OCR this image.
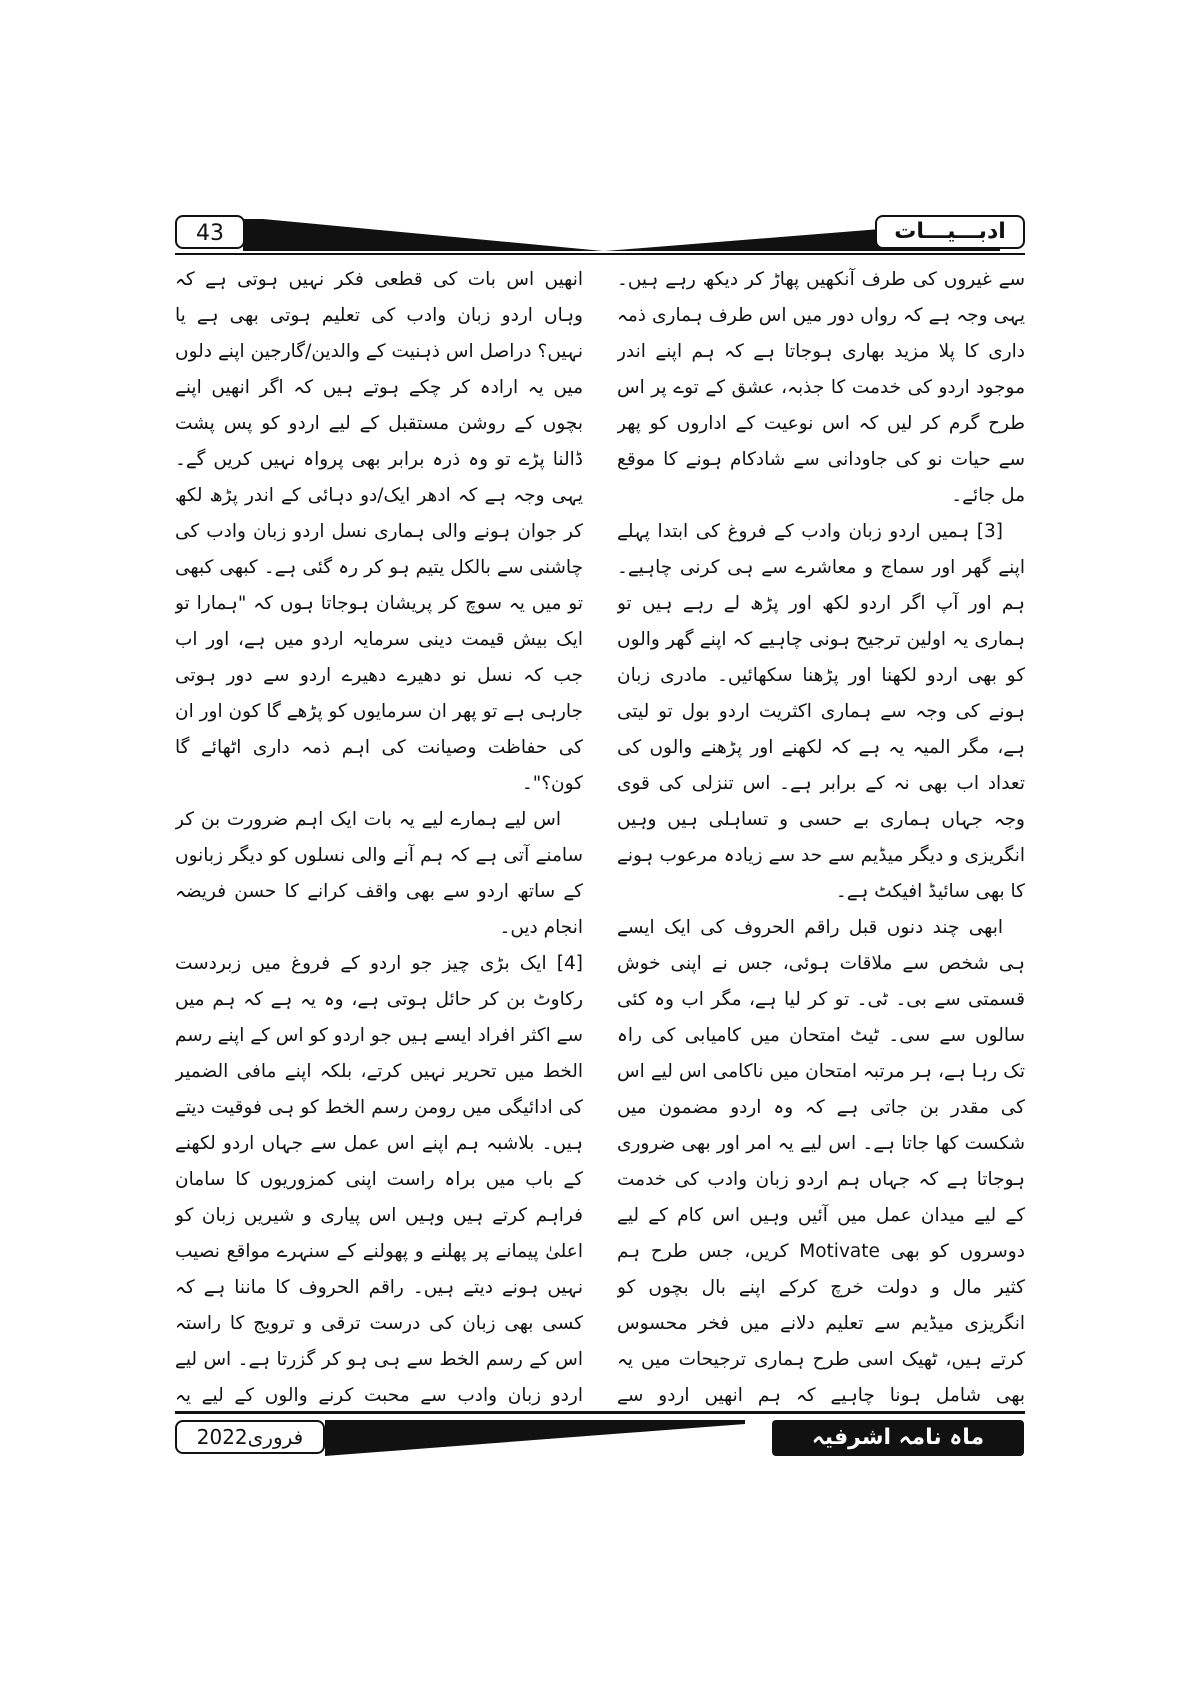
43	ادبـــیـــات

سے غیروں کی طرف آنکھیں پھاڑ کر دیکھ رہے ہیں۔ یہی وجہ ہے کہ رواں دور میں اس طرف ہماری ذمہ داری کا پلا مزید بھاری ہوجاتا ہے کہ ہم اپنے اندر موجود اردو کی خدمت کا جذبہ، عشق کے توے پر اس طرح گرم کر لیں کہ اس نوعیت کے اداروں کو پھر سے حیات نو کی جاودانی سے شادکام ہونے کا موقع مل جائے۔

[3] ہمیں اردو زبان وادب کے فروغ کی ابتدا پہلے اپنے گھر اور سماج و معاشرے سے ہی کرنی چاہیے۔ ہم اور آپ اگر اردو لکھ اور پڑھ لے رہے ہیں تو ہماری یہ اولین ترجیح ہونی چاہیے کہ اپنے گھر والوں کو بھی اردو لکھنا اور پڑھنا سکھائیں۔ مادری زبان ہونے کی وجہ سے ہماری اکثریت اردو بول تو لیتی ہے، مگر المیہ یہ ہے کہ لکھنے اور پڑھنے والوں کی تعداد اب بھی نہ کے برابر ہے۔ اس تنزلی کی قوی وجہ جہاں ہماری بے حسی و تساہلی ہیں وہیں انگریزی و دیگر میڈیم سے حد سے زیادہ مرعوب ہونے کا بھی سائیڈ افیکٹ ہے۔

ابھی چند دنوں قبل راقم الحروف کی ایک ایسے ہی شخص سے ملاقات ہوئی، جس نے اپنی خوش قسمتی سے بی۔ ٹی۔ تو کر لیا ہے، مگر اب وہ کئی سالوں سے سی۔ ٹیٹ امتحان میں کامیابی کی راہ تک رہا ہے، ہر مرتبہ امتحان میں ناکامی اس لیے اس کی مقدر بن جاتی ہے کہ وہ اردو مضمون میں شکست کھا جاتا ہے۔ اس لیے یہ امر اور بھی ضروری ہوجاتا ہے کہ جہاں ہم اردو زبان وادب کی خدمت کے لیے میدان عمل میں آئیں وہیں اس کام کے لیے دوسروں کو بھی Motivate کریں، جس طرح ہم کثیر مال و دولت خرچ کرکے اپنے بال بچوں کو انگریزی میڈیم سے تعلیم دلانے میں فخر محسوس کرتے ہیں، ٹھیک اسی طرح ہماری ترجیحات میں یہ بھی شامل ہونا چاہیے کہ ہم انھیں اردو سے

انھیں اس بات کی قطعی فکر نہیں ہوتی ہے کہ وہاں اردو زبان وادب کی تعلیم ہوتی بھی ہے یا نہیں؟ دراصل اس ذہنیت کے والدین/گارجین اپنے دلوں میں یہ ارادہ کر چکے ہوتے ہیں کہ اگر انھیں اپنے بچوں کے روشن مستقبل کے لیے اردو کو پس پشت ڈالنا پڑے تو وہ ذرہ برابر بھی پرواہ نہیں کریں گے۔ یہی وجہ ہے کہ ادھر ایک/دو دہائی کے اندر پڑھ لکھ کر جوان ہونے والی ہماری نسل اردو زبان وادب کی چاشنی سے بالکل یتیم ہو کر رہ گئی ہے۔ کبھی کبھی تو میں یہ سوچ کر پریشان ہوجاتا ہوں کہ "ہمارا تو ایک بیش قیمت دینی سرمایہ اردو میں ہے، اور اب جب کہ نسل نو دھیرے دھیرے اردو سے دور ہوتی جارہی ہے تو پھر ان سرمایوں کو پڑھے گا کون اور ان کی حفاظت وصیانت کی اہم ذمہ داری اٹھائے گا کون؟"۔

اس لیے ہمارے لیے یہ بات ایک اہم ضرورت بن کر سامنے آتی ہے کہ ہم آنے والی نسلوں کو دیگر زبانوں کے ساتھ اردو سے بھی واقف کرانے کا حسن فریضہ انجام دیں۔

[4] ایک بڑی چیز جو اردو کے فروغ میں زبردست رکاوٹ بن کر حائل ہوتی ہے، وہ یہ ہے کہ ہم میں سے اکثر افراد ایسے ہیں جو اردو کو اس کے اپنے رسم الخط میں تحریر نہیں کرتے، بلکہ اپنے مافی الضمیر کی ادائیگی میں رومن رسم الخط کو ہی فوقیت دیتے ہیں۔ بلاشبہ ہم اپنے اس عمل سے جہاں اردو لکھنے کے باب میں براہ راست اپنی کمزوریوں کا سامان فراہم کرتے ہیں وہیں اس پیاری و شیریں زبان کو اعلیٰ پیمانے پر پھلنے و پھولنے کے سنہرے مواقع نصیب نہیں ہونے دیتے ہیں۔ راقم الحروف کا ماننا ہے کہ کسی بھی زبان کی درست ترقی و ترویج کا راستہ اس کے رسم الخط سے ہی ہو کر گزرتا ہے۔ اس لیے اردو زبان وادب سے محبت کرنے والوں کے لیے یہ

فروری2022	ماہ نامہ اشرفیہ
